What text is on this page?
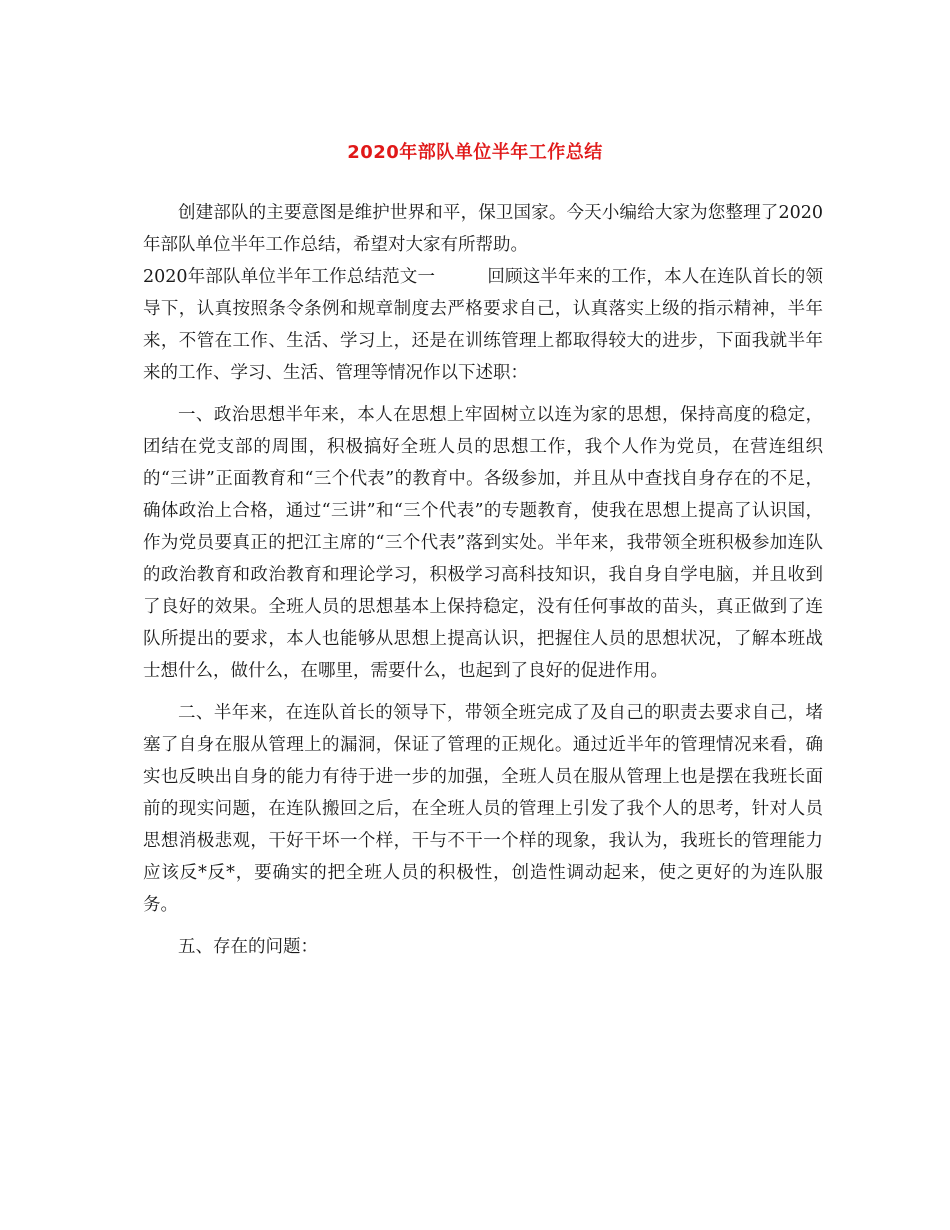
2020年部队单位半年工作总结

创建部队的主要意图是维护世界和平，保卫国家。今天小编给大家为您整理了2020年部队单位半年工作总结，希望对大家有所帮助。

2020年部队单位半年工作总结范文一	回顾这半年来的工作，本人在连队首长的领导下，认真按照条令条例和规章制度去严格要求自己，认真落实上级的指示精神，半年来，不管在工作、生活、学习上，还是在训练管理上都取得较大的进步，下面我就半年来的工作、学习、生活、管理等情况作以下述职：

一、政治思想半年来，本人在思想上牢固树立以连为家的思想，保持高度的稳定，团结在党支部的周围，积极搞好全班人员的思想工作，我个人作为党员，在营连组织的“三讲”正面教育和“三个代表”的教育中。各级参加，并且从中查找自身存在的不足，确体政治上合格，通过“三讲”和“三个代表”的专题教育，使我在思想上提高了认识国，作为党员要真正的把江主席的“三个代表”落到实处。半年来，我带领全班积极参加连队的政治教育和政治教育和理论学习，积极学习高科技知识，我自身自学电脑，并且收到了良好的效果。全班人员的思想基本上保持稳定，没有任何事故的苗头，真正做到了连队所提出的要求，本人也能够从思想上提高认识，把握住人员的思想状况，了解本班战士想什么，做什么，在哪里，需要什么，也起到了良好的促进作用。

二、半年来，在连队首长的领导下，带领全班完成了及自己的职责去要求自己，堵塞了自身在服从管理上的漏洞，保证了管理的正规化。通过近半年的管理情况来看，确实也反映出自身的能力有待于进一步的加强，全班人员在服从管理上也是摆在我班长面前的现实问题，在连队搬回之后，在全班人员的管理上引发了我个人的思考，针对人员思想消极悲观，干好干坏一个样，干与不干一个样的现象，我认为，我班长的管理能力应该反*反*，要确实的把全班人员的积极性，创造性调动起来，使之更好的为连队服务。

五、存在的问题：
